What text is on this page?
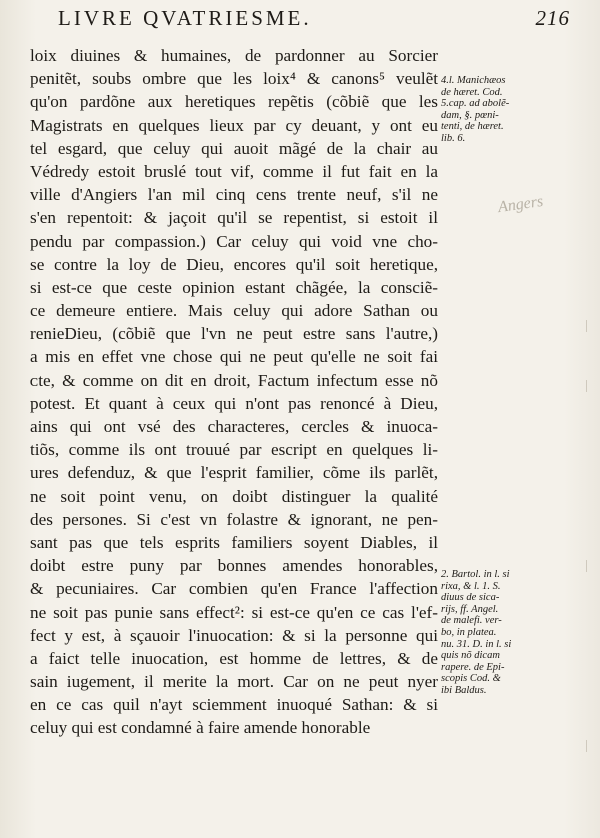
LIVRE QVATRIESME.	216
loix diuines & humaines, de pardonner au Sorcier
penitẽt, soubs ombre que les loix⁴ & canons⁵ veulẽt
qu'on pardõne aux heretiques repẽtis (cõbiẽ que les
Magistrats en quelques lieux par cy deuant, y ont eu
tel esgard, que celuy qui auoit mãgé de la chair au
Védredy estoit bruslé tout vif, comme il fut fait en la
ville d'Angiers l'an mil cinq cens trente neuf, s'il ne
s'en repentoit: & jaçoit qu'il se repentist, si estoit il
pendu par compassion.) Car celuy qui void vne cho-
se contre la loy de Dieu, encores qu'il soit heretique,
si est-ce que ceste opinion estant chãgée, la consciẽ-
ce demeure entiere. Mais celuy qui adore Sathan ou
renieDieu, (cõbiẽ que l'vn ne peut estre sans l'autre,)
a mis en effet vne chose qui ne peut qu'elle ne soit fai
ᴄte, & comme on dit en droit, Factum infectum esse nõ
potest. Et quant à ceux qui n'ont pas renoncé à Dieu,
ains qui ont vsé des characteres, cercles & inuoca-
tiõs, comme ils ont trouué par escript en quelques li-
ures defenduz, & que l'esprit familier, cõme ils parlẽt,
ne soit point venu, on doibt distinguer la qualité
des persones. Si c'est vn folastre & ignorant, ne pen-
sant pas que tels esprits familiers soyent Diables, il
doibt estre puny par bonnes amendes honorables,
& pecuniaires. Car combien qu'en France l'affection
ne soit pas punie sans effect²: si est-ce qu'en ce cas l'ef-
fect y est, à sçauoir l'inuocation: & si la personne qui
a faict telle inuocation, est homme de lettres, & de
sain iugement, il merite la mort. Car on ne peut nyer
en ce cas quil n'ayt sciemment inuoqué Sathan: & si
celuy qui est condamné à faire amende honorable
4.l. Manichæos
de hæret. Cod.
5.cap. ad abolẽ-
dam, §. pœni-
tenti, de hæret.
lib. 6.
2. Bartol. in l. si
rixa, & l. 1. S.
diuus de sica-
rijs, ff. Angel.
de malefi. ver-
bo, in platea.
nu. 31. D. in l. si
quis nõ dicam
rapere. de Epi-
scopis Cod. &
ibi Baldus.
Angers
